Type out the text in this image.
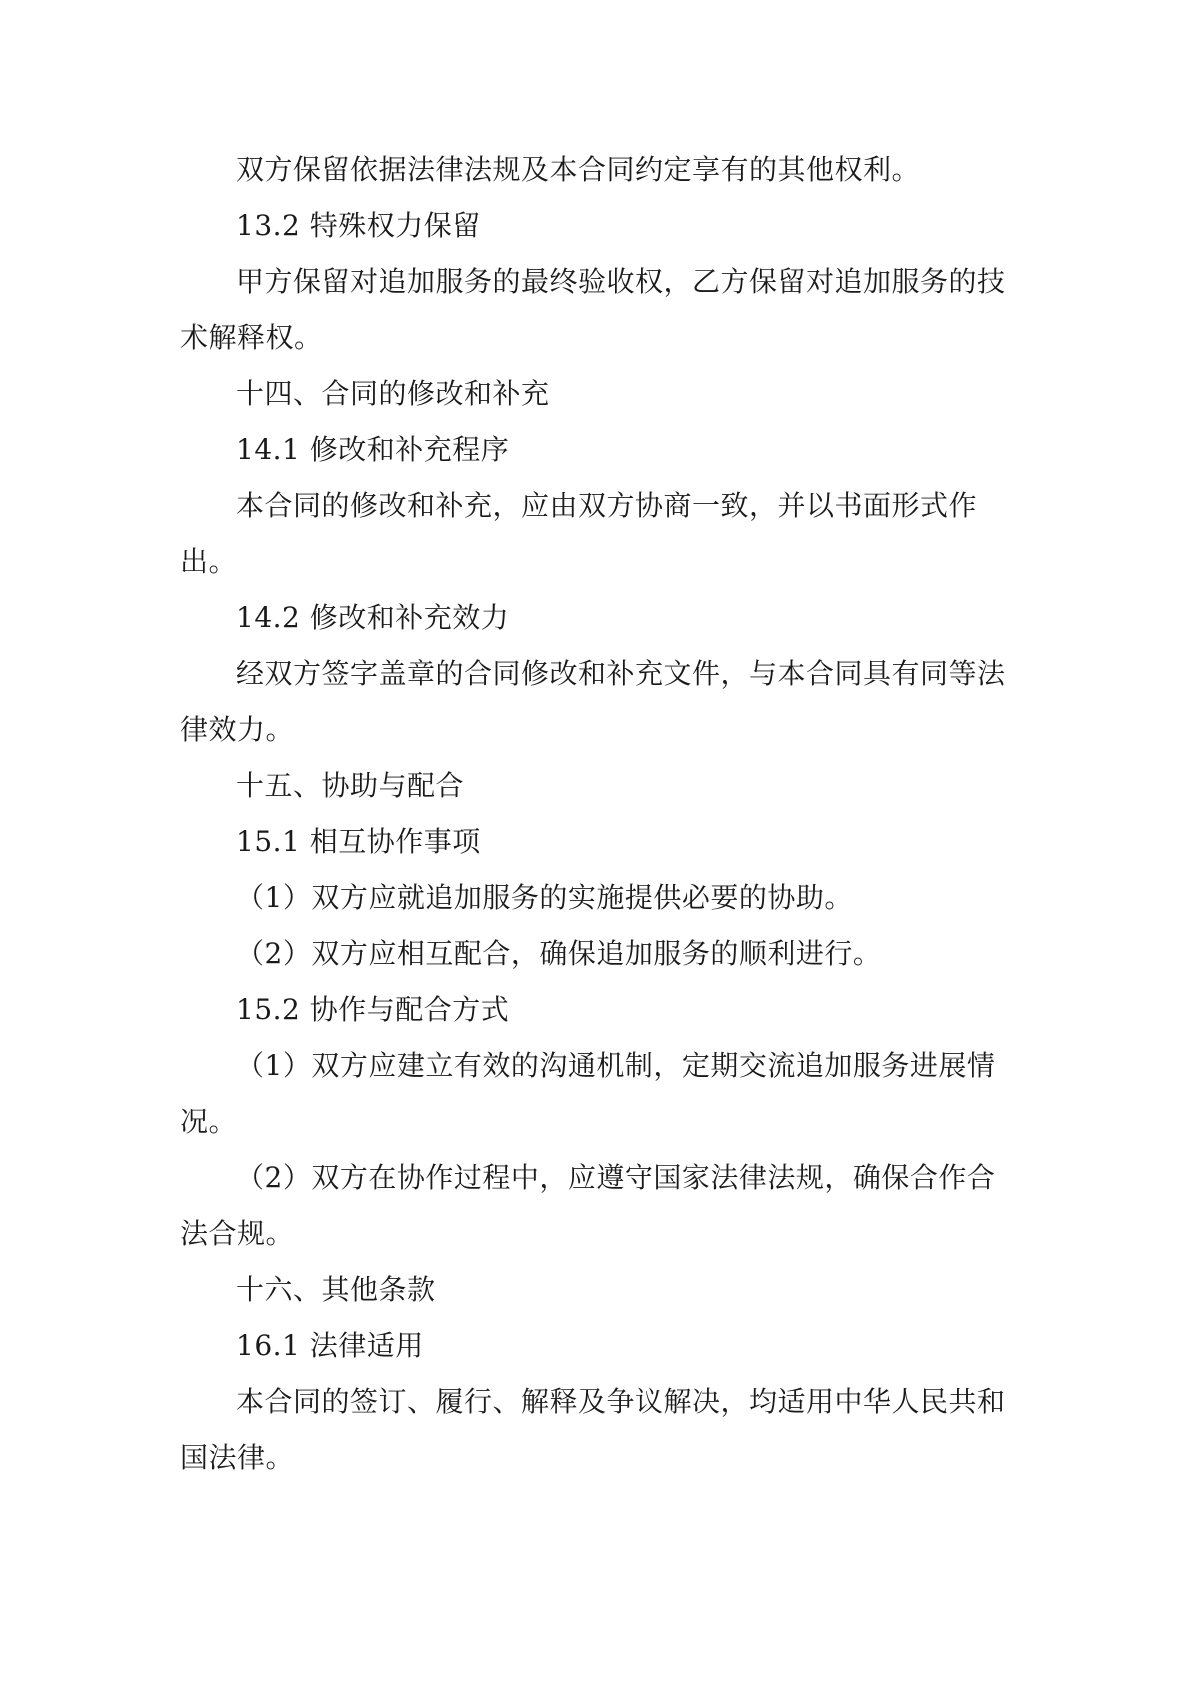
双方保留依据法律法规及本合同约定享有的其他权利。

13.2 特殊权力保留

甲方保留对追加服务的最终验收权，乙方保留对追加服务的技术解释权。

十四、合同的修改和补充

14.1 修改和补充程序

本合同的修改和补充，应由双方协商一致，并以书面形式作出。

14.2 修改和补充效力

经双方签字盖章的合同修改和补充文件，与本合同具有同等法律效力。

十五、协助与配合

15.1 相互协作事项

（1）双方应就追加服务的实施提供必要的协助。

（2）双方应相互配合，确保追加服务的顺利进行。

15.2 协作与配合方式

（1）双方应建立有效的沟通机制，定期交流追加服务进展情况。

（2）双方在协作过程中，应遵守国家法律法规，确保合作合法合规。

十六、其他条款

16.1 法律适用

本合同的签订、履行、解释及争议解决，均适用中华人民共和国法律。
